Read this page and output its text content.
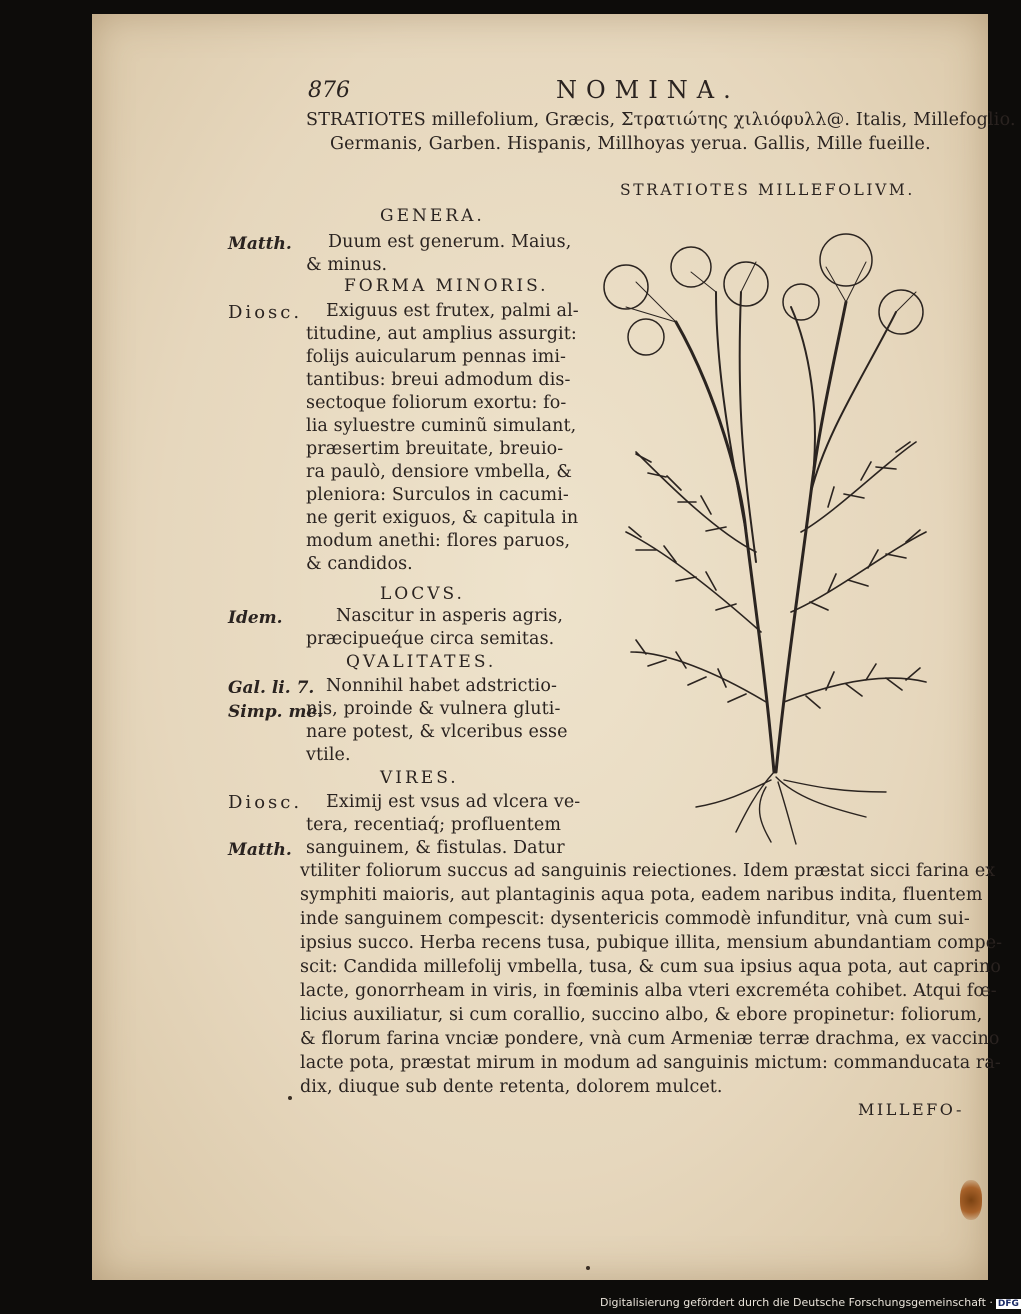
876	NOMINA.
STRATIOTES millefolium, Græcis, Στρατιώτης χιλιόφυλλ@. Italis, Millefoglio.
Germanis, Garben. Hispanis, Millhoyas yerua. Gallis, Mille fueille.
STRATIOTES MILLEFOLIVM.
GENERA.
FORMA MINORIS.
LOCVS.
QVALITATES.
VIRES.
Matth.
Diosc.
Idem.
Gal. li. 7.
Simp. me.
Diosc.
Matth.
Duum est generum. Maius,
& minus.
Exiguus est frutex, palmi al-
titudine, aut amplius assurgit:
folijs auicularum pennas imi-
tantibus: breui admodum dis-
sectoque foliorum exortu: fo-
lia syluestre cuminũ simulant,
præsertim breuitate, breuio-
ra paulò, densiore vmbella, &
pleniora: Surculos in cacumi-
ne gerit exiguos, & capitula in
modum anethi: flores paruos,
& candidos.
Nascitur in asperis agris,
præcipueq́ue circa semitas.
Nonnihil habet adstrictio-
nis, proinde & vulnera gluti-
nare potest, & vlceribus esse
vtile.
Eximij est vsus ad vlcera ve-
tera, recentiaq́; profluentem
sanguinem, & fistulas. Datur
vtiliter foliorum succus ad sanguinis reiectiones. Idem præstat sicci farina ex
symphiti maioris, aut plantaginis aqua pota, eadem naribus indita, fluentem
inde sanguinem compescit: dysentericis commodè infunditur, vnà cum sui-
ipsius succo. Herba recens tusa, pubique illita, mensium abundantiam compe-
scit: Candida millefolij vmbella, tusa, & cum sua ipsius aqua pota, aut caprino
lacte, gonorrheam in viris, in fœminis alba vteri excreméta cohibet. Atqui fœ-
licius auxiliatur, si cum corallio, succino albo, & ebore propinetur: foliorum,
& florum farina vnciæ pondere, vnà cum Armeniæ terræ drachma, ex vaccino
lacte pota, præstat mirum in modum ad sanguinis mictum: commanducata ra-
dix, diuque sub dente retenta, dolorem mulcet.
MILLEFO-
Digitalisierung gefördert durch die Deutsche Forschungsgemeinschaft · DFG
